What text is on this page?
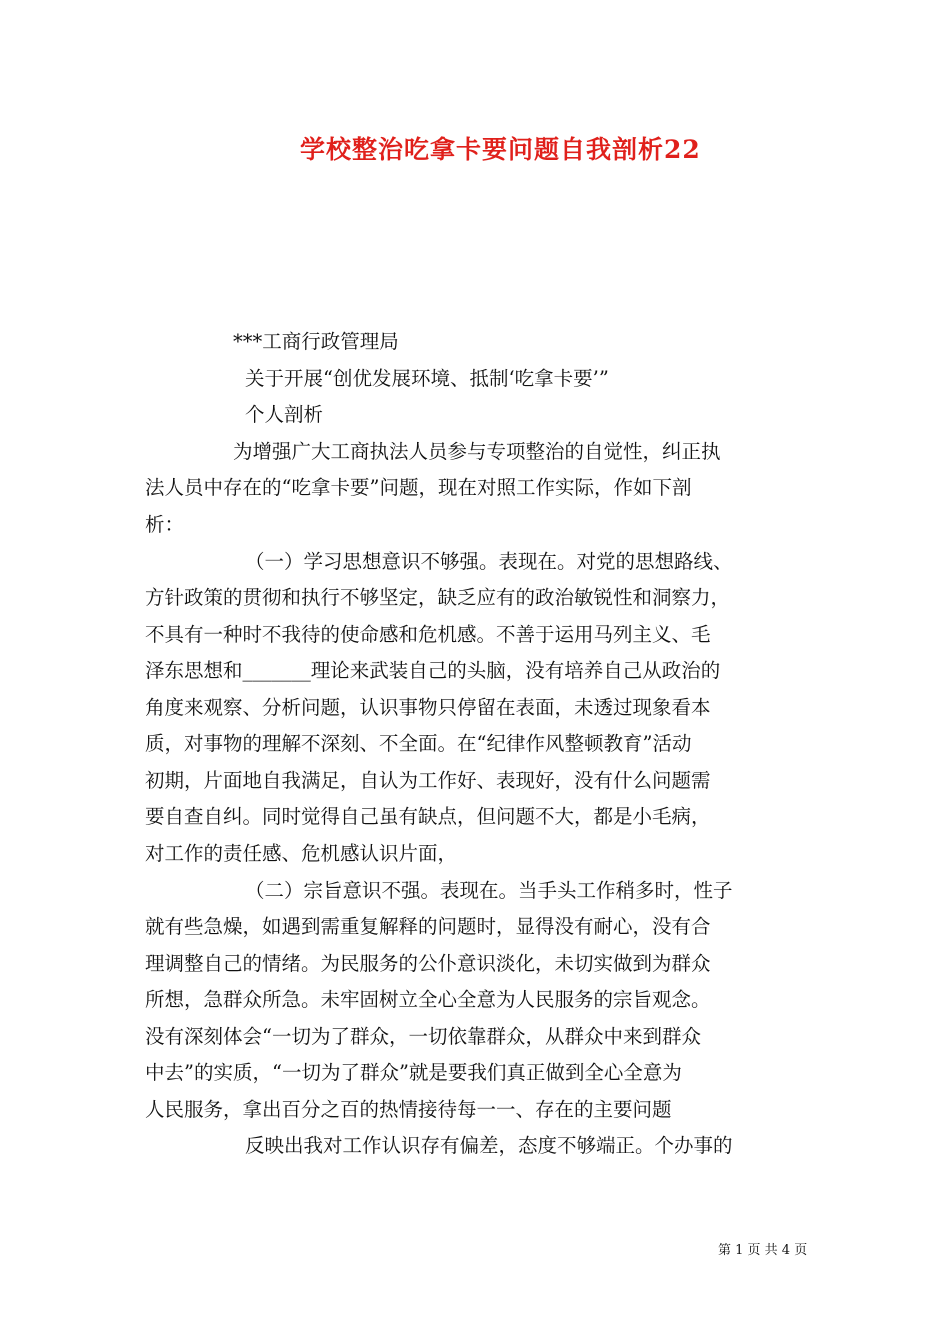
学校整治吃拿卡要问题自我剖析22
***工商行政管理局
关于开展“创优发展环境、抵制‘吃拿卡要’”
个人剖析
为增强广大工商执法人员参与专项整治的自觉性，纠正执
法人员中存在的“吃拿卡要”问题，现在对照工作实际，作如下剖
析：
（一）学习思想意识不够强。表现在。对党的思想路线、
方针政策的贯彻和执行不够坚定，缺乏应有的政治敏锐性和洞察力，
不具有一种时不我待的使命感和危机感。不善于运用马列主义、毛
泽东思想和_______理论来武装自己的头脑，没有培养自己从政治的
角度来观察、分析问题，认识事物只停留在表面，未透过现象看本
质，对事物的理解不深刻、不全面。在“纪律作风整顿教育”活动
初期，片面地自我满足，自认为工作好、表现好，没有什么问题需
要自查自纠。同时觉得自己虽有缺点，但问题不大，都是小毛病，
对工作的责任感、危机感认识片面，
（二）宗旨意识不强。表现在。当手头工作稍多时，性子
就有些急燥，如遇到需重复解释的问题时，显得没有耐心，没有合
理调整自己的情绪。为民服务的公仆意识淡化，未切实做到为群众
所想，急群众所急。未牢固树立全心全意为人民服务的宗旨观念。
没有深刻体会“一切为了群众，一切依靠群众，从群众中来到群众
中去”的实质，“一切为了群众”就是要我们真正做到全心全意为
人民服务，拿出百分之百的热情接待每一一、存在的主要问题
反映出我对工作认识存有偏差，态度不够端正。个办事的
第 1 页 共 4 页
